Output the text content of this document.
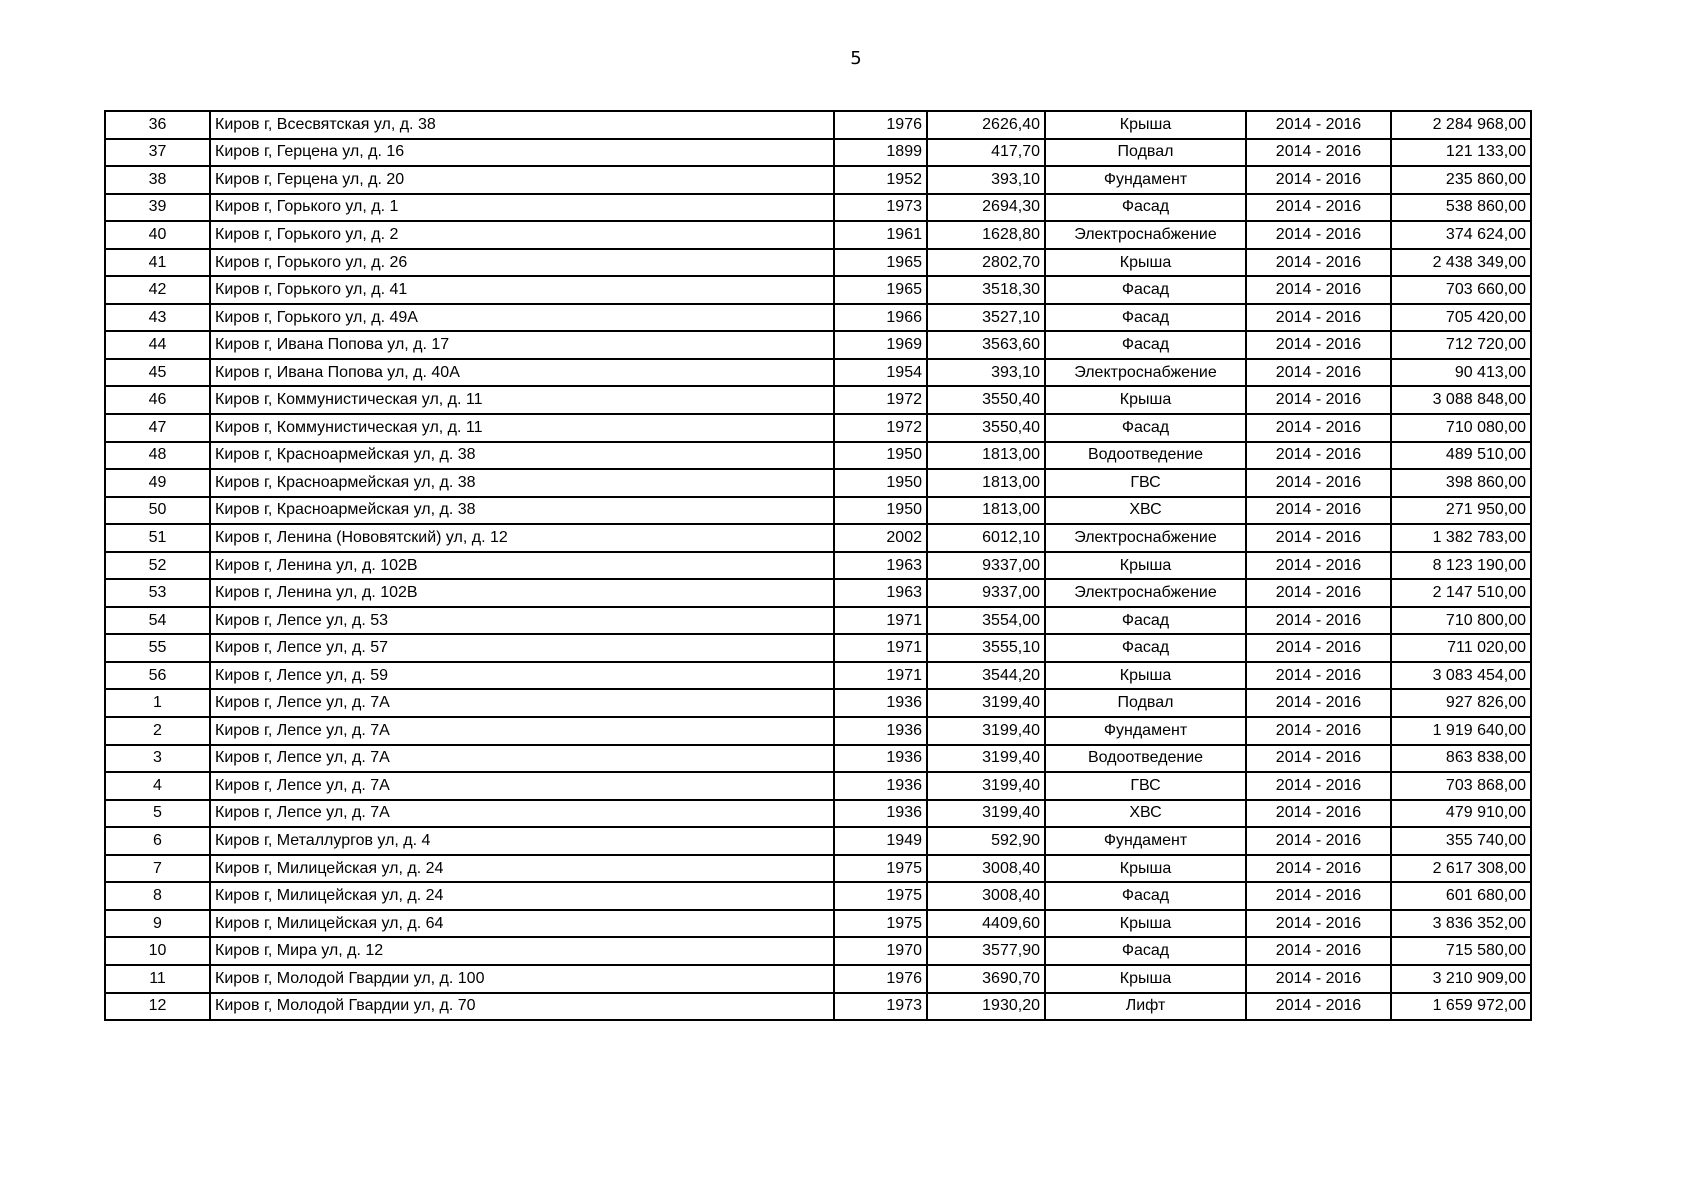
5
36	Киров г, Всесвятская ул, д. 38	1976	2626,40	Крыша	2014 - 2016	2 284 968,00
37	Киров г, Герцена ул, д. 16	1899	417,70	Подвал	2014 - 2016	121 133,00
38	Киров г, Герцена ул, д. 20	1952	393,10	Фундамент	2014 - 2016	235 860,00
39	Киров г, Горького ул, д. 1	1973	2694,30	Фасад	2014 - 2016	538 860,00
40	Киров г, Горького ул, д. 2	1961	1628,80	Электроснабжение	2014 - 2016	374 624,00
41	Киров г, Горького ул, д. 26	1965	2802,70	Крыша	2014 - 2016	2 438 349,00
42	Киров г, Горького ул, д. 41	1965	3518,30	Фасад	2014 - 2016	703 660,00
43	Киров г, Горького ул, д. 49А	1966	3527,10	Фасад	2014 - 2016	705 420,00
44	Киров г, Ивана Попова ул, д. 17	1969	3563,60	Фасад	2014 - 2016	712 720,00
45	Киров г, Ивана Попова ул, д. 40А	1954	393,10	Электроснабжение	2014 - 2016	90 413,00
46	Киров г, Коммунистическая ул, д. 11	1972	3550,40	Крыша	2014 - 2016	3 088 848,00
47	Киров г, Коммунистическая ул, д. 11	1972	3550,40	Фасад	2014 - 2016	710 080,00
48	Киров г, Красноармейская ул, д. 38	1950	1813,00	Водоотведение	2014 - 2016	489 510,00
49	Киров г, Красноармейская ул, д. 38	1950	1813,00	ГВС	2014 - 2016	398 860,00
50	Киров г, Красноармейская ул, д. 38	1950	1813,00	ХВС	2014 - 2016	271 950,00
51	Киров г, Ленина (Нововятский) ул, д. 12	2002	6012,10	Электроснабжение	2014 - 2016	1 382 783,00
52	Киров г, Ленина ул, д. 102В	1963	9337,00	Крыша	2014 - 2016	8 123 190,00
53	Киров г, Ленина ул, д. 102В	1963	9337,00	Электроснабжение	2014 - 2016	2 147 510,00
54	Киров г, Лепсе ул, д. 53	1971	3554,00	Фасад	2014 - 2016	710 800,00
55	Киров г, Лепсе ул, д. 57	1971	3555,10	Фасад	2014 - 2016	711 020,00
56	Киров г, Лепсе ул, д. 59	1971	3544,20	Крыша	2014 - 2016	3 083 454,00
1	Киров г, Лепсе ул, д. 7А	1936	3199,40	Подвал	2014 - 2016	927 826,00
2	Киров г, Лепсе ул, д. 7А	1936	3199,40	Фундамент	2014 - 2016	1 919 640,00
3	Киров г, Лепсе ул, д. 7А	1936	3199,40	Водоотведение	2014 - 2016	863 838,00
4	Киров г, Лепсе ул, д. 7А	1936	3199,40	ГВС	2014 - 2016	703 868,00
5	Киров г, Лепсе ул, д. 7А	1936	3199,40	ХВС	2014 - 2016	479 910,00
6	Киров г, Металлургов ул, д. 4	1949	592,90	Фундамент	2014 - 2016	355 740,00
7	Киров г, Милицейская ул, д. 24	1975	3008,40	Крыша	2014 - 2016	2 617 308,00
8	Киров г, Милицейская ул, д. 24	1975	3008,40	Фасад	2014 - 2016	601 680,00
9	Киров г, Милицейская ул, д. 64	1975	4409,60	Крыша	2014 - 2016	3 836 352,00
10	Киров г, Мира ул, д. 12	1970	3577,90	Фасад	2014 - 2016	715 580,00
11	Киров г, Молодой Гвардии ул, д. 100	1976	3690,70	Крыша	2014 - 2016	3 210 909,00
12	Киров г, Молодой Гвардии ул, д. 70	1973	1930,20	Лифт	2014 - 2016	1 659 972,00
